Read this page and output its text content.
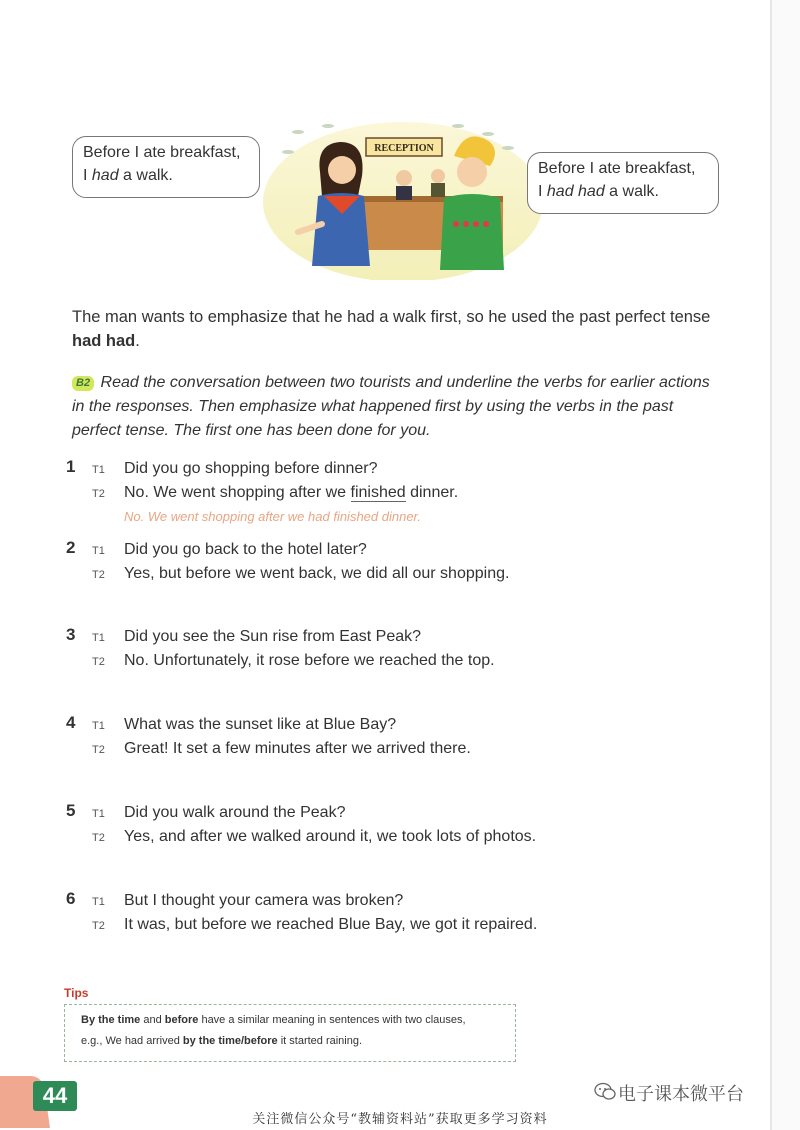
RECEPTION
Before I ate breakfast,
I had a walk.	Before I ate breakfast,
I had had a walk.
The man wants to emphasize that he had a walk first, so he used the past perfect tense had had.
B2 Read the conversation between two tourists and underline the verbs for earlier actions in the responses. Then emphasize what happened first by using the verbs in the past perfect tense. The first one has been done for you.
1 T1 Did you go shopping before dinner?
T2 No. We went shopping after we finished dinner.
No. We went shopping after we had finished dinner.
2 T1 Did you go back to the hotel later?
T2 Yes, but before we went back, we did all our shopping.
3 T1 Did you see the Sun rise from East Peak?
T2 No. Unfortunately, it rose before we reached the top.
4 T1 What was the sunset like at Blue Bay?
T2 Great! It set a few minutes after we arrived there.
5 T1 Did you walk around the Peak?
T2 Yes, and after we walked around it, we took lots of photos.
6 T1 But I thought your camera was broken?
T2 It was, but before we reached Blue Bay, we got it repaired.
Tips
By the time and before have a similar meaning in sentences with two clauses,
e.g., We had arrived by the time/before it started raining.
44	电子课本微平台
关注微信公众号“教辅资料站”获取更多学习资料
